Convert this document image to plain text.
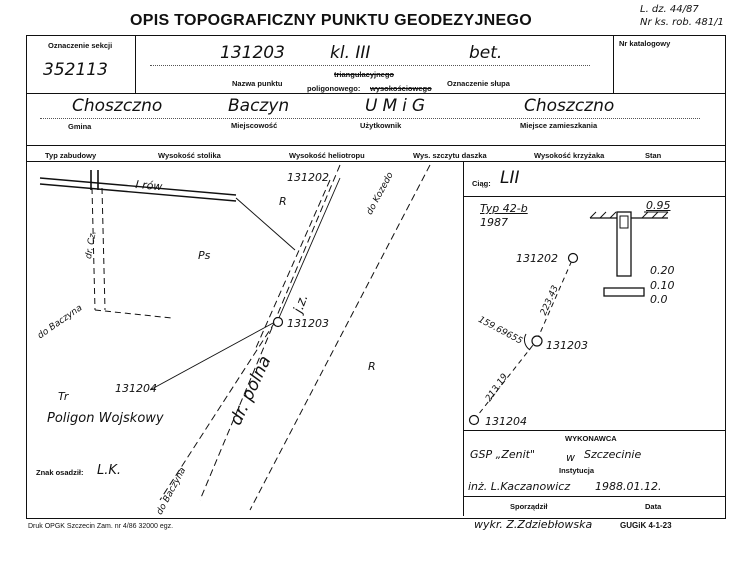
OPIS TOPOGRAFICZNY PUNKTU GEODEZYJNEGO
L. dz. 44/87
Nr ks. rob. 481/1
Oznaczenie sekcji
352113
131203	kl. III	bet.	Nr katalogowy
Nazwa punktu
triangulacyjnego
poligonowego: wysokościowego
Oznaczenie słupa
Choszczno	Baczyn	UMiG	Choszczno
Gmina	Miejscowość	Użytkownik	Miejsce zamieszkania
Typ zabudowy	Wysokość stolika	Wysokość heliotropu	Wys. szczytu daszka	Wysokość krzyżaka	Stan
I rów
dr. Cz.
do Baczyna
131202
R	do Kozedo
Ps
j.z.
131203
R
dr. polna
131204
Tr
Poligon Wojskowy
do Baczyna
Ciąg: LII
Typ 42-b
1987
0.95
131202
0.20
0.10
0.0
159.69655
223.43
131203
213.19
131204
WYKONAWCA
GSP „Zenit"	w Szczecinie
Instytucja
inż. L.Kaczanowicz 1988.01.12.
Sporządził	Data
Znak osadził: L.K.
Druk OPGK Szczecin Zam. nr 4/86 32000 egz.	wykr. Z.Zdziebłowska	GUGiK 4-1-23
